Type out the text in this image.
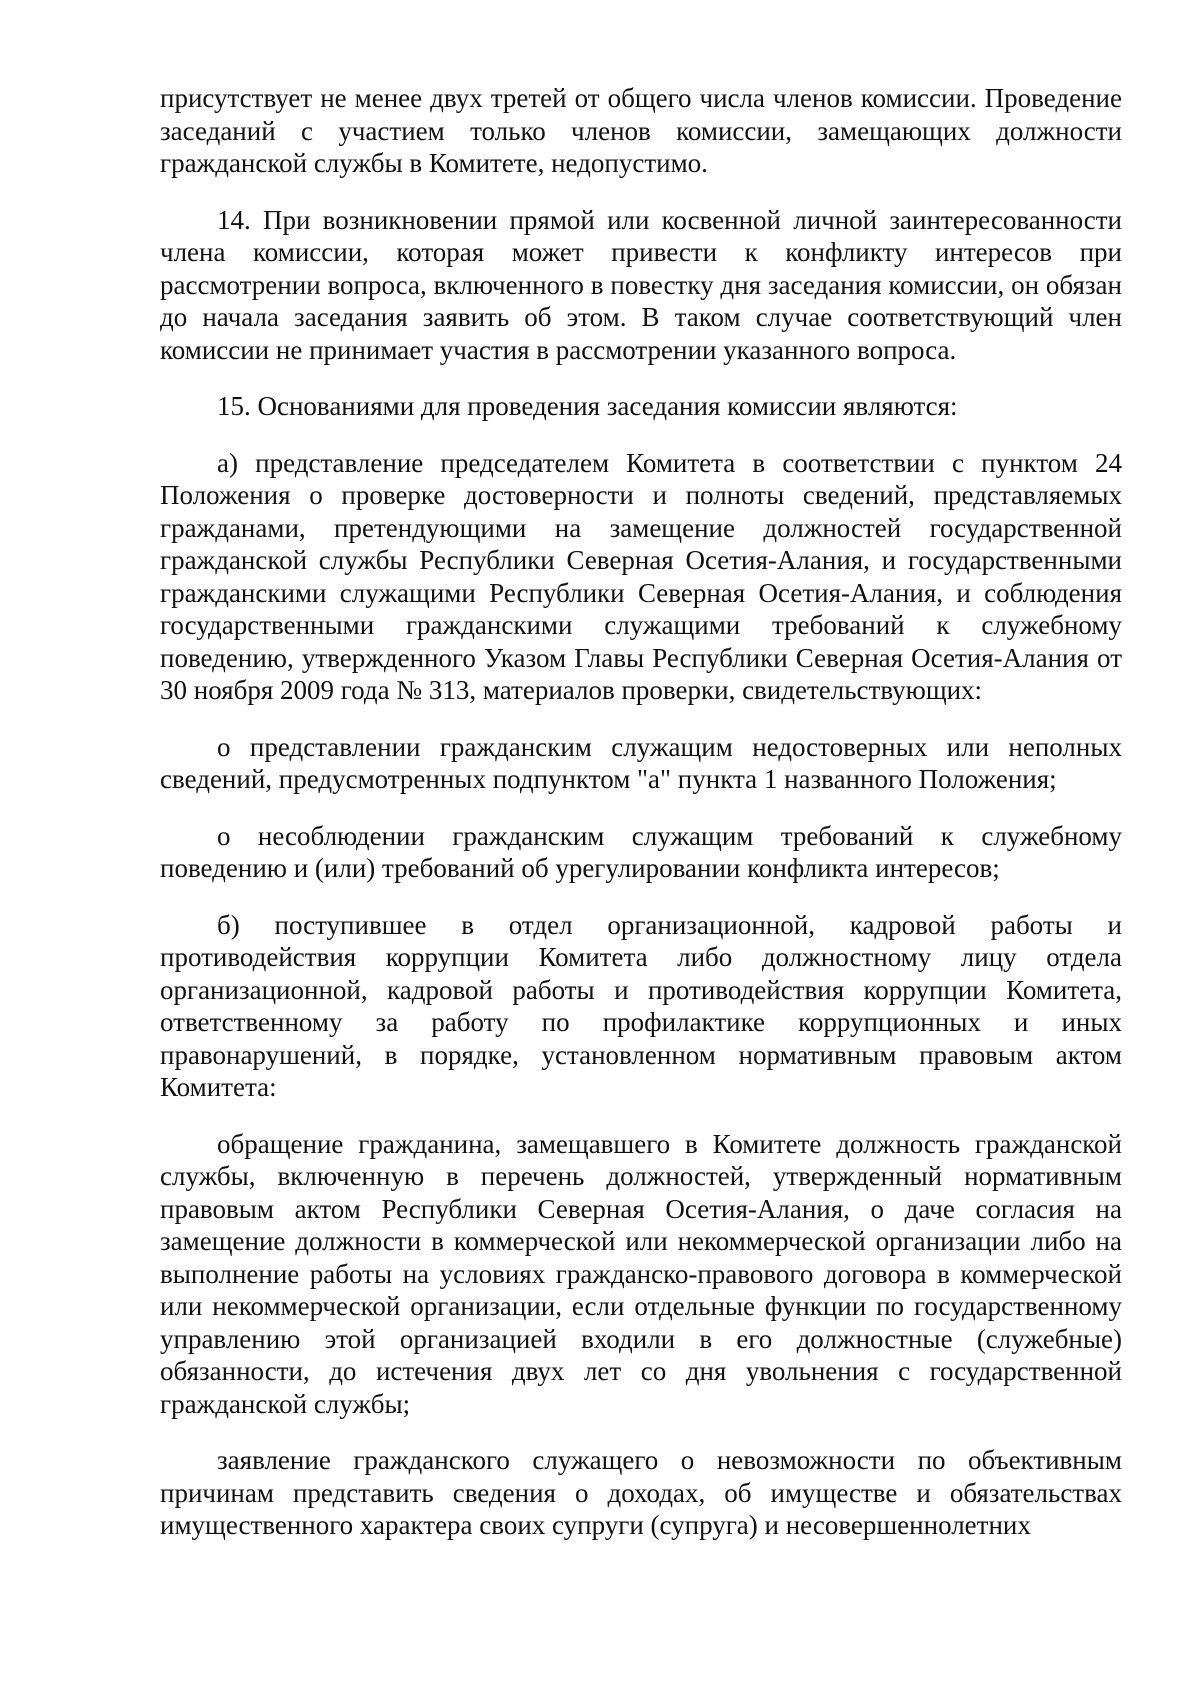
присутствует не менее двух третей от общего числа членов комиссии. Проведение заседаний с участием только членов комиссии, замещающих должности гражданской службы в Комитете, недопустимо.

14. При возникновении прямой или косвенной личной заинтересованности члена комиссии, которая может привести к конфликту интересов при рассмотрении вопроса, включенного в повестку дня заседания комиссии, он обязан до начала заседания заявить об этом. В таком случае соответствующий член комиссии не принимает участия в рассмотрении указанного вопроса.

15. Основаниями для проведения заседания комиссии являются:

а) представление председателем Комитета в соответствии с пунктом 24 Положения о проверке достоверности и полноты сведений, представляемых гражданами, претендующими на замещение должностей государственной гражданской службы Республики Северная Осетия-Алания, и государственными гражданскими служащими Республики Северная Осетия-Алания, и соблюдения государственными гражданскими служащими требований к служебному поведению, утвержденного Указом Главы Республики Северная Осетия-Алания от 30 ноября 2009 года № 313, материалов проверки, свидетельствующих:

о представлении гражданским служащим недостоверных или неполных сведений, предусмотренных подпунктом "а" пункта 1 названного Положения;

о несоблюдении гражданским служащим требований к служебному поведению и (или) требований об урегулировании конфликта интересов;

б) поступившее в отдел организационной, кадровой работы и противодействия коррупции Комитета либо должностному лицу отдела организационной, кадровой работы и противодействия коррупции Комитета, ответственному за работу по профилактике коррупционных и иных правонарушений, в порядке, установленном нормативным правовым актом Комитета:

обращение гражданина, замещавшего в Комитете должность гражданской службы, включенную в перечень должностей, утвержденный нормативным правовым актом Республики Северная Осетия-Алания, о даче согласия на замещение должности в коммерческой или некоммерческой организации либо на выполнение работы на условиях гражданско-правового договора в коммерческой или некоммерческой организации, если отдельные функции по государственному управлению этой организацией входили в его должностные (служебные) обязанности, до истечения двух лет со дня увольнения с государственной гражданской службы;

заявление гражданского служащего о невозможности по объективным причинам представить сведения о доходах, об имуществе и обязательствах имущественного характера своих супруги (супруга) и несовершеннолетних
